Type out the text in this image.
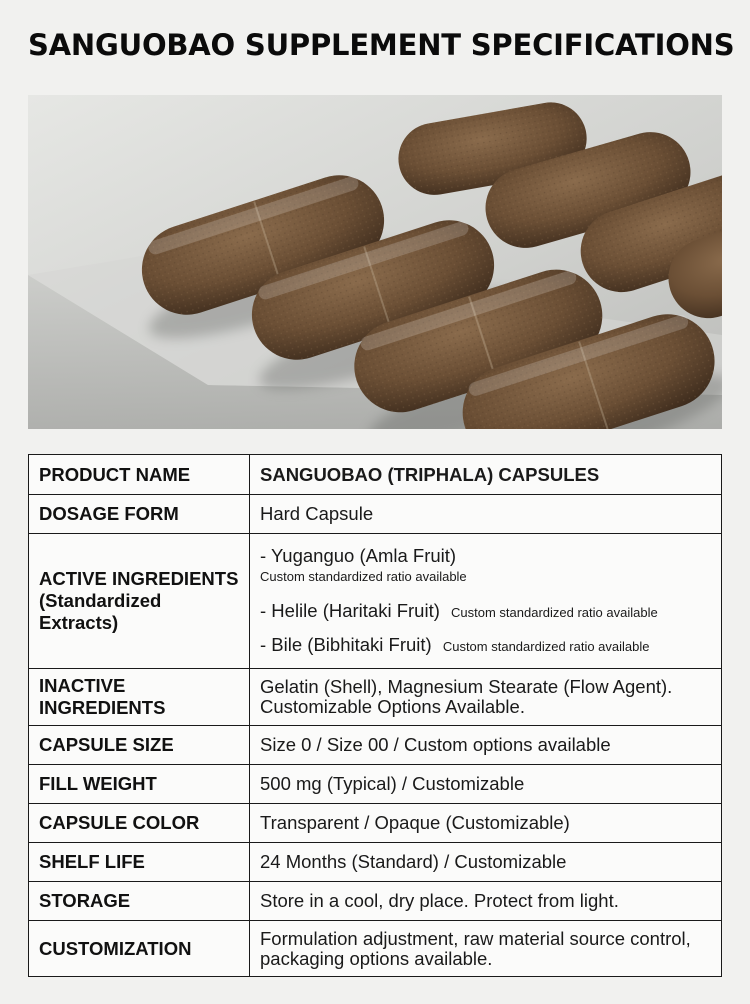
SANGUOBAO SUPPLEMENT SPECIFICATIONS
PRODUCT NAME	SANGUOBAO (TRIPHALA) CAPSULES
DOSAGE FORM	Hard Capsule

ACTIVE INGREDIENTS
(Standardized Extracts)	- Yuganguo (Amla Fruit)
Custom standardized ratio available
- Helile (Haritaki Fruit) Custom standardized ratio available
- Bile (Bibhitaki Fruit) Custom standardized ratio available

INACTIVE INGREDIENTS	Gelatin (Shell), Magnesium Stearate (Flow Agent).
Customizable Options Available.

CAPSULE SIZE	Size 0 / Size 00 / Custom options available
FILL WEIGHT	500 mg (Typical) / Customizable
CAPSULE COLOR	Transparent / Opaque (Customizable)
SHELF LIFE	24 Months (Standard) / Customizable
STORAGE	Store in a cool, dry place. Protect from light.
CUSTOMIZATION	Formulation adjustment, raw material source control,
packaging options available.
